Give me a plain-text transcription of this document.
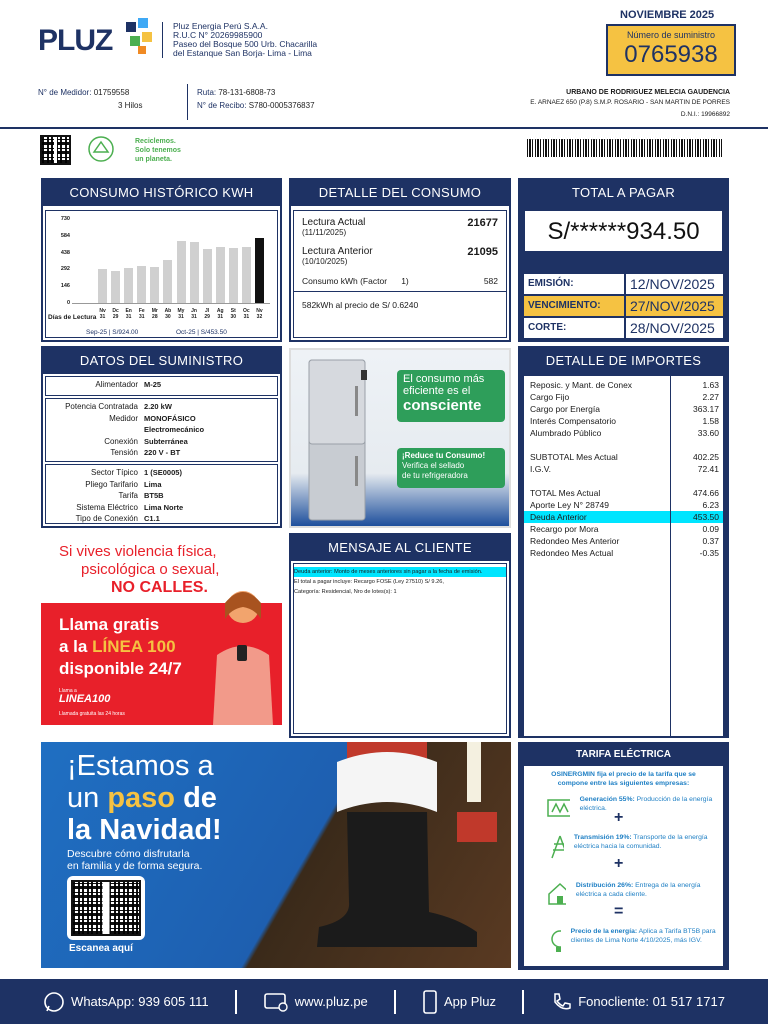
PLUZ	Pluz Energia Perú S.A.A.
R.U.C N° 20269985900
Paseo del Bosque 500 Urb. Chacarilla
del Estanque San Borja- Lima - Lima
NOVIEMBRE 2025
Número de suministro
0765938
N° de Medidor: 01759558
3 Hilos
Ruta: 78-131-6808-73
N° de Recibo: S780-0005376837
URBANO DE RODRIGUEZ MELECIA GAUDENCIA
E. ARNAEZ 650 (P.8) S.M.P. ROSARIO - SAN MARTIN DE PORRES
D.N.I.: 19966892
Reciclemos.
Solo tenemos
un planeta.
CONSUMO HISTÓRICO KWH
730
584
438
292
146
0
Nv
31
Dc
29
En
31
Fe
31
Mr
28
Ab
30
My
31
Jn
31
Jl
29
Ag
31
St
30
Oc
31
Nv
32
Días de Lectura
Sep-25 | S/924.00	Oct-25 | S/453.50
DETALLE DEL CONSUMO
Lectura Actual
(11/11/2025)
21677
Lectura Anterior
(10/10/2025)
21095
Consumo kWh (Factor      1)	582
582kWh al precio de S/ 0.6240
TOTAL A PAGAR
S/******934.50
EMISIÓN:	12/NOV/2025
VENCIMIENTO:	27/NOV/2025
CORTE:	28/NOV/2025
DATOS DEL SUMINISTRO
Alimentador M-25
Potencia Contratada 2.20 kW
Medidor MONOFÁSICO
Electromecánico
Conexión Subterránea
Tensión 220 V - BT
Sector Típico 1 (SE0005)
Pliego Tarifario Lima
Tarifa BT5B
Sistema Eléctrico Lima Norte
Tipo de Conexión C1.1
El consumo más
eficiente es el
consciente
¡Reduce tu Consumo!
Verifica el sellado
de tu refrigeradora
DETALLE DE IMPORTES
Reposic. y Mant. de Conex	1.63
Cargo Fijo	2.27
Cargo por Energía	363.17
Interés Compensatorio	1.58
Alumbrado Público	33.60
SUBTOTAL Mes Actual	402.25
I.G.V.	72.41
TOTAL Mes Actual	474.66
Aporte Ley N° 28749	6.23
Deuda Anterior	453.50
Recargo por Mora	0.09
Redondeo Mes Anterior	0.37
Redondeo Mes Actual	-0.35
Si vives violencia física,
psicológica o sexual,
NO CALLES.
Llama gratis
a la LÍNEA 100
disponible 24/7
Llama a
LINEA100
Llamada gratuita las 24 horas
MENSAJE AL CLIENTE
Deuda anterior: Monto de meses anteriores sin pagar a la fecha de emisión.
El total a pagar incluye: Recargo FOSE (Ley 27510) S/ 9.26,
Categoría: Residencial, Nro de lotes(s): 1
¡Estamos a
un paso de
la Navidad!
Descubre cómo disfrutarla
en familia y de forma segura.
Escanea aquí
TARIFA ELÉCTRICA
OSINERGMIN fija el precio de la tarifa que se compone entre las siguientes empresas:
Generación 55%: Producción de la energía eléctrica.
+
Transmisión 19%: Transporte de la energía eléctrica hacia la comunidad.
+
Distribución 26%: Entrega de la energía eléctrica a cada cliente.
=
Precio de la energía: Aplica a Tarifa BT5B para clientes de Lima Norte 4/10/2025, más IGV.
WhatsApp: 939 605 111	www.pluz.pe	App Pluz	Fonocliente: 01 517 1717
